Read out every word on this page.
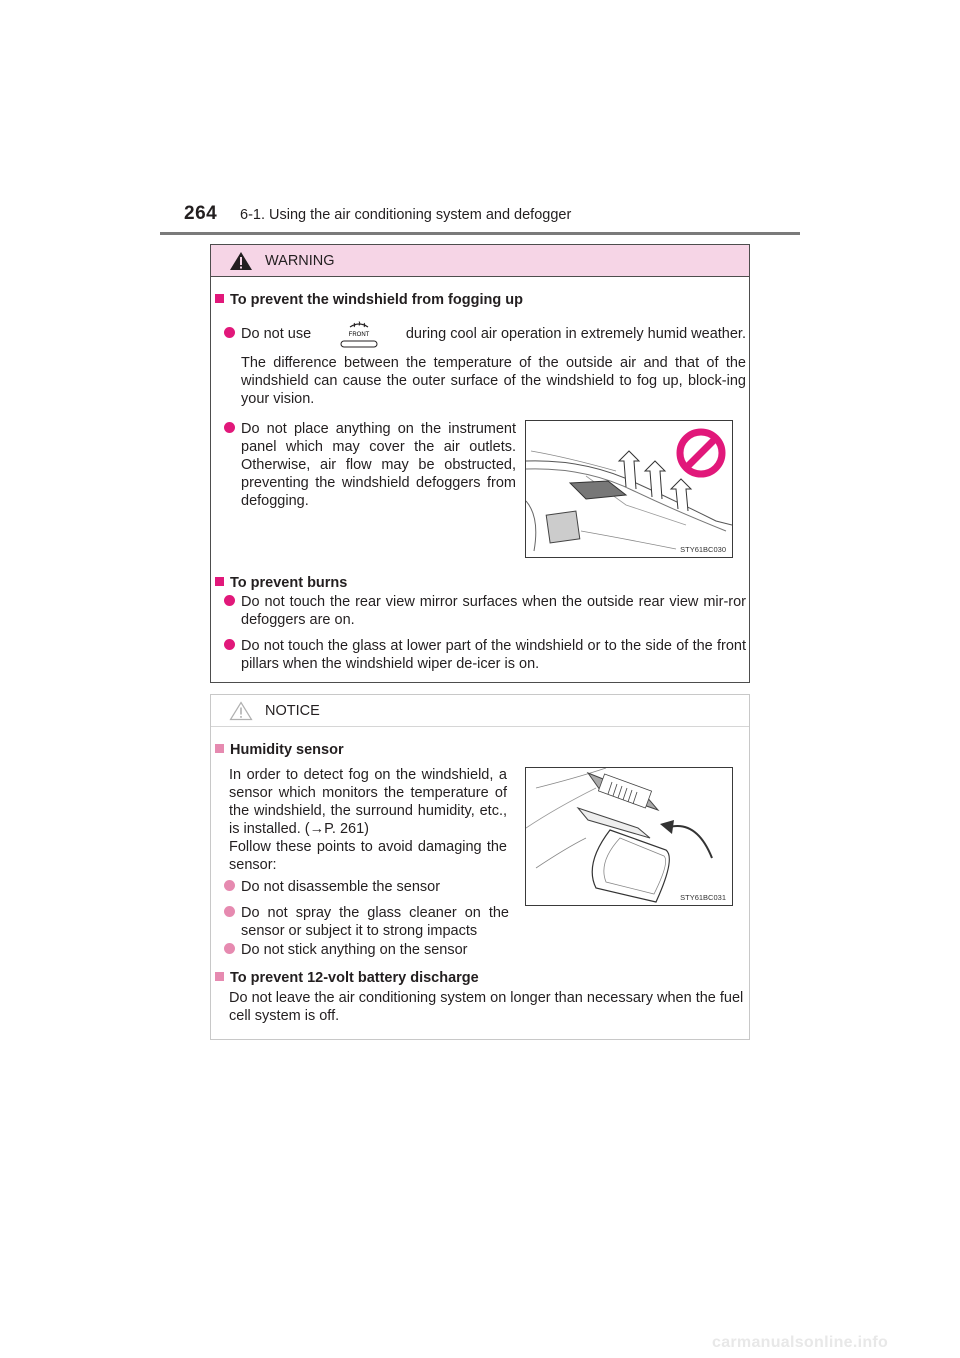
264 6-1. Using the air conditioning system and defogger
WARNING
To prevent the windshield from fogging up
Do not use	FRONT	during cool air operation in extremely humid weather.
The difference between the temperature of the outside air and that of the windshield can cause the outer surface of the windshield to fog up, block-ing your vision.
Do not place anything on the instrument panel which may cover the air outlets. Otherwise, air flow may be obstructed, preventing the windshield defoggers from defogging.
STY61BC030
To prevent burns
Do not touch the rear view mirror surfaces when the outside rear view mir-ror defoggers are on.
Do not touch the glass at lower part of the windshield or to the side of the front pillars when the windshield wiper de-icer is on.
NOTICE
Humidity sensor
In order to detect fog on the windshield, a sensor which monitors the temperature of the windshield, the surround humidity, etc., is installed. (→P. 261)
Follow these points to avoid damaging the sensor:
Do not disassemble the sensor
Do not spray the glass cleaner on the sensor or subject it to strong impacts
Do not stick anything on the sensor
STY61BC031
To prevent 12-volt battery discharge
Do not leave the air conditioning system on longer than necessary when the fuel cell system is off.
carmanualsonline.info
